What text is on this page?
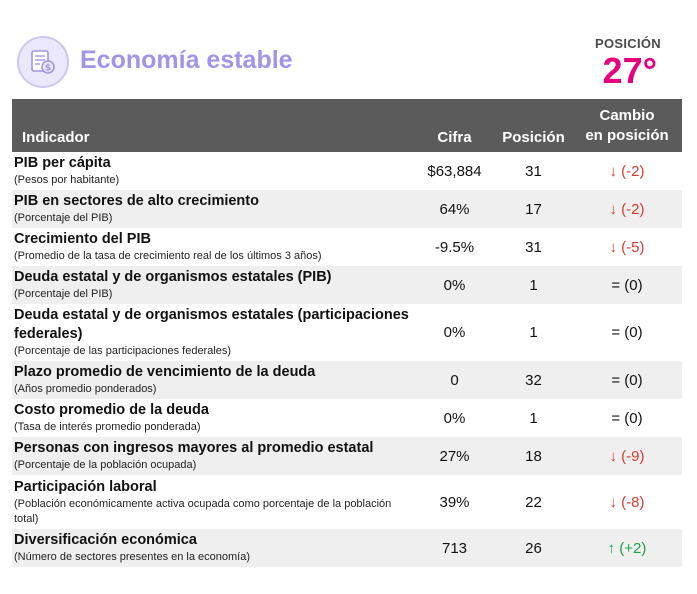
$ Economía estable
POSICIÓN
27°
Indicador	Cifra	Posición	Cambio
en posición

PIB per cápita
(Pesos por habitante)	$63,884	31	↓ (-2)

PIB en sectores de alto crecimiento
(Porcentaje del PIB)	64%	17	↓ (-2)

Crecimiento del PIB
(Promedio de la tasa de crecimiento real de los últimos 3 años)	-9.5%	31	↓ (-5)

Deuda estatal y de organismos estatales (PIB)
(Porcentaje del PIB)	0%	1	= (0)

Deuda estatal y de organismos estatales (participaciones federales)
(Porcentaje de las participaciones federales)	0%	1	= (0)

Plazo promedio de vencimiento de la deuda
(Años promedio ponderados)	0	32	= (0)

Costo promedio de la deuda
(Tasa de interés promedio ponderada)	0%	1	= (0)

Personas con ingresos mayores al promedio estatal
(Porcentaje de la población ocupada)	27%	18	↓ (-9)

Participación laboral
(Población económicamente activa ocupada como porcentaje de la población total)	39%	22	↓ (-8)

Diversificación económica
(Número de sectores presentes en la economía)	713	26	↑ (+2)
